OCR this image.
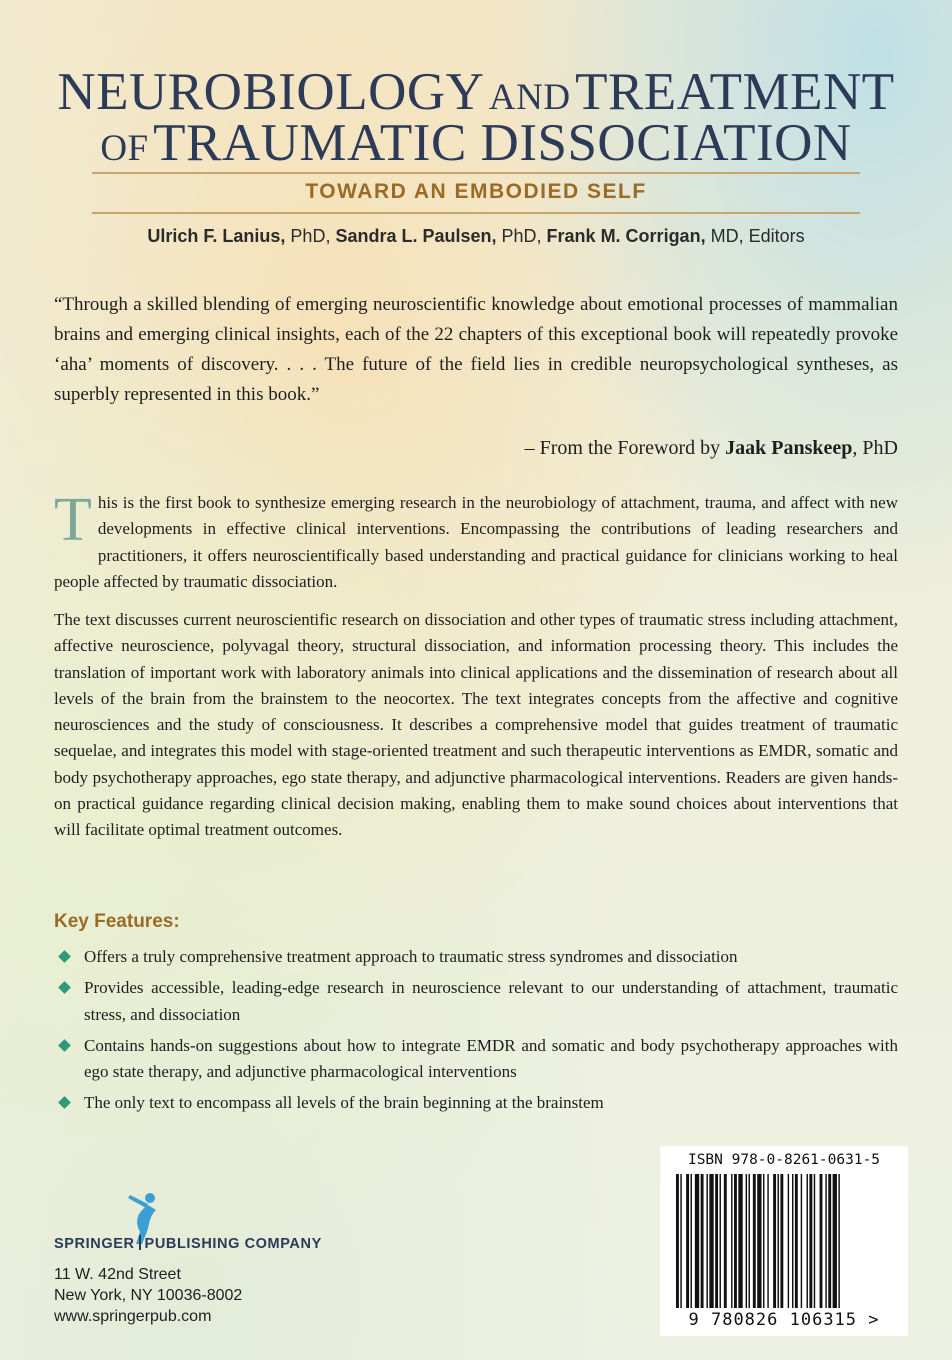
NEUROBIOLOGY AND TREATMENT
OF TRAUMATIC DISSOCIATION
TOWARD AN EMBODIED SELF
Ulrich F. Lanius, PhD, Sandra L. Paulsen, PhD, Frank M. Corrigan, MD, Editors
“Through a skilled blending of emerging neuroscientific knowledge about emotional processes of mammalian brains and emerging clinical insights, each of the 22 chapters of this exceptional book will repeatedly provoke ‘aha’ moments of discovery. . . . The future of the field lies in credible neuropsychological syntheses, as superbly represented in this book.”
– From the Foreword by Jaak Panskeep, PhD
This is the first book to synthesize emerging research in the neurobiology of attachment, trauma, and affect with new developments in effective clinical interventions. Encompassing the contributions of leading researchers and practitioners, it offers neuroscientifically based understanding and practical guidance for clinicians working to heal people affected by traumatic dissociation.
The text discusses current neuroscientific research on dissociation and other types of traumatic stress including attachment, affective neuroscience, polyvagal theory, structural dissociation, and information processing theory. This includes the translation of important work with laboratory animals into clinical applications and the dissemination of research about all levels of the brain from the brainstem to the neocortex. The text integrates concepts from the affective and cognitive neurosciences and the study of consciousness. It describes a comprehensive model that guides treatment of traumatic sequelae, and integrates this model with stage-oriented treatment and such therapeutic interventions as EMDR, somatic and body psychotherapy approaches, ego state therapy, and adjunctive pharmacological interventions. Readers are given hands-on practical guidance regarding clinical decision making, enabling them to make sound choices about interventions that will facilitate optimal treatment outcomes.
Key Features:
Offers a truly comprehensive treatment approach to traumatic stress syndromes and dissociation
Provides accessible, leading-edge research in neuroscience relevant to our understanding of attachment, traumatic stress, and dissociation
Contains hands-on suggestions about how to integrate EMDR and somatic and body psychotherapy approaches with ego state therapy, and adjunctive pharmacological interventions
The only text to encompass all levels of the brain beginning at the brainstem
SPRINGER PUBLISHING COMPANY
11 W. 42nd Street
New York, NY 10036-8002
www.springerpub.com
ISBN 978-0-8261-0631-5
9 780826 106315 >
